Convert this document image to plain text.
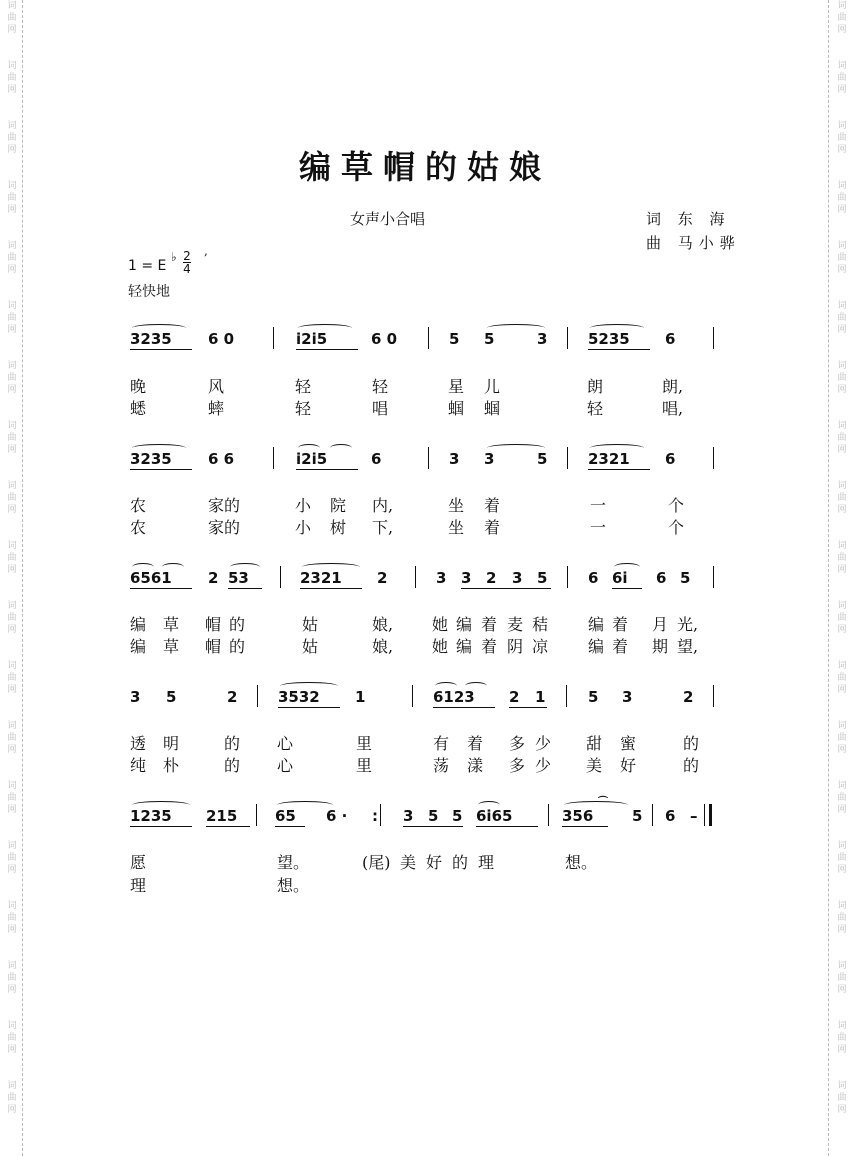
词
曲
网
词
曲
网
词
曲
网
词
曲
网
词
曲
网
词
曲
网
词
曲
网
词
曲
网
词
曲
网
词
曲
网
词
曲
网
词
曲
网
词
曲
网
词
曲
网
词
曲
网
词
曲
网
词
曲
网
词
曲
网
词
曲
网
词
曲
网
词
曲
网
词
曲
网
词
曲
网
词
曲
网
词
曲
网
词
曲
网
词
曲
网
词
曲
网
词
曲
网
词
曲
网
词
曲
网
词
曲
网
词
曲
网
词
曲
网
词
曲
网
词
曲
网
词
曲
网
词
曲
网
编草帽的姑娘
女声小合唱	词 东 海
曲 马小骅
1 = E
♭ 2
4
,
轻快地
3235 6 0	i2i5	6 0	5 5	3	5235 6
晚	风	轻	轻	星 儿	朗	朗,
蟋	蟀	轻	唱	蝈 蝈	轻	唱,
3235 6 6	i2i5	6	3 3	5	2321 6
农	家的	小 院 内,	坐 着	一	个
农	家的	小 树 下,	坐 着	一	个
6561 2 53	2321 2	3 3 2 3 5	6 6i 6 5
编 草 帽 的	姑	娘, 她 编 着 麦 秸 编 着 月 光,
编 草 帽 的	姑	娘, 她 编 着 阴 凉 编 着 期 望,
3 5	2	3532 1	6123 2 1	5 3	2
透 明	的 心	里	有 着 多 少 甜 蜜	的
纯 朴	的 心	里	荡 漾 多 少 美 好	的
1235 215	65 6 · : 3 5 5 6i65	356	5 6 –
⌒
愿	望。	(尾) 美 好 的 理	想。
理	想。
